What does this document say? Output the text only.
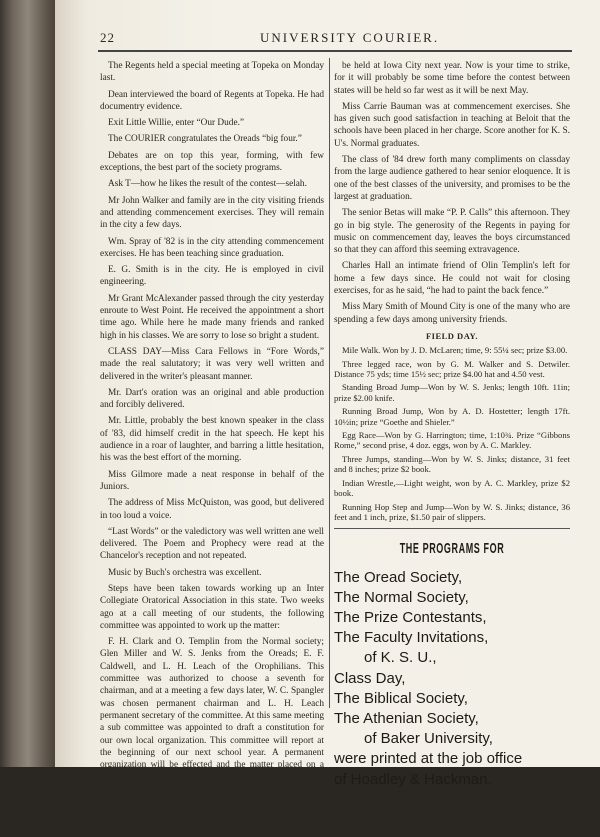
22	UNIVERSITY COURIER.

The Regents held a special meeting at Topeka on Monday last.

Dean interviewed the board of Regents at Topeka. He had documentry evidence.

Exit Little Willie, enter “Our Dude.”

The COURIER congratulates the Oreads “big four.”

Debates are on top this year, forming, with few exceptions, the best part of the society programs.

Ask T—how he likes the result of the contest—selah.

Mr John Walker and family are in the city visiting friends and attending commencement exercises. They will remain in the city a few days.

Wm. Spray of '82 is in the city attending commencement exercises. He has been teaching since graduation.

E. G. Smith is in the city. He is employed in civil engineering.

Mr Grant McAlexander passed through the city yesterday enroute to West Point. He received the appointment a short time ago. While here he made many friends and ranked high in his classes. We are sorry to lose so bright a student.

CLASS DAY—Miss Cara Fellows in “Fore Words,” made the real salutatory; it was very well written and delivered in the writer's pleasant manner.

Mr. Dart's oration was an original and able production and forcibly delivered.

Mr. Little, probably the best known speaker in the class of '83, did himself credit in the hat speech. He kept his audience in a roar of laughter, and barring a little hesitation, his was the best effort of the morning.

Miss Gilmore made a neat response in behalf of the Juniors.

The address of Miss McQuiston, was good, but delivered in too loud a voice.

“Last Words” or the valedictory was well written ane well delivered. The Poem and Prophecy were read at the Chancelor's reception and not repeated.

Music by Buch's orchestra was excellent.

Steps have been taken towards working up an Inter Collegiate Oratorical Association in this state. Two weeks ago at a call meeting of our students, the following committee was appointed to work up the matter:

F. H. Clark and O. Templin from the Normal society; Glen Miller and W. S. Jenks from the Oreads; E. F. Caldwell, and L. H. Leach of the Orophilians. This committee was authorized to choose a seventh for chairman, and at a meeting a few days later, W. C. Spangler was chosen permanent chairman and L. H. Leach permanent secretary of the committee. At this same meeting a sub committee was appointed to draft a constitution for our own local organization. This committee will report at the beginning of our next school year. A permanent organization will be effected and the matter placed on a sound basis. In the mean time, this committee of seven will do all they can to work up an interest among the colleges of the state, so that at an early date next year we can have our contests and send a representative to the Inter State Oratotical contest, to

be held at Iowa City next year. Now is your time to strike, for it will probably be some time before the contest between states will be held so far west as it will be next May.

Miss Carrie Bauman was at commencement exercises. She has given such good satisfaction in teaching at Beloit that the schools have been placed in her charge. Score another for K. S. U's. Normal graduates.

The class of '84 drew forth many compliments on classday from the large audience gathered to hear senior eloquence. It is one of the best classes of the university, and promises to be the largest at graduation.

The senior Betas will make “P. P. Calls” this afternoon. They go in big style. The generosity of the Regents in paying for music on commencement day, leaves the boys circumstanced so that they can afford this seeming extravagence.

Charles Hall an intimate friend of Olin Templin's left for home a few days since. He could not wait for closing exercises, for as he said, “he had to paint the back fence.”

Miss Mary Smith of Mound City is one of the many who are spending a few days among university friends.

FIELD DAY.

Mile Walk. Won by J. D. McLaren; time, 9: 55¼ sec; prize $3.00.

Three legged race, won by G. M. Walker and S. Detwiler. Distance 75 yds; time 15½ sec; prize $4.00 hat and 4.50 vest.

Standing Broad Jump—Won by W. S. Jenks; length 10ft. 11in; prize $2.00 knife.

Running Broad Jump, Won by A. D. Hostetter; length 17ft. 10½in; prize “Goethe and Shieler.”

Egg Race—Won by G. Harrington; time, 1:10¾. Prize “Gibbons Rome,” second prise, 4 doz. eggs, won by A. C. Markley.

Three Jumps, standing—Won by W. S. Jinks; distance, 31 feet and 8 inches; prize $2 book.

Indian Wrestle,—Light weight, won by A. C. Markley, prize $2 book.

Running Hop Step and Jump—Won by W. S. Jinks; distance, 36 feet and 1 inch, prize, $1.50 pair of slippers.

THE PROGRAMS FOR
The Oread Society,
The Normal Society,
The Prize Contestants,
The Faculty Invitations,
of K. S. U.,
Class Day,
The Biblical Society,
The Athenian Society,
of Baker University,
were printed at the job office
of Hoadley & Hackman.
